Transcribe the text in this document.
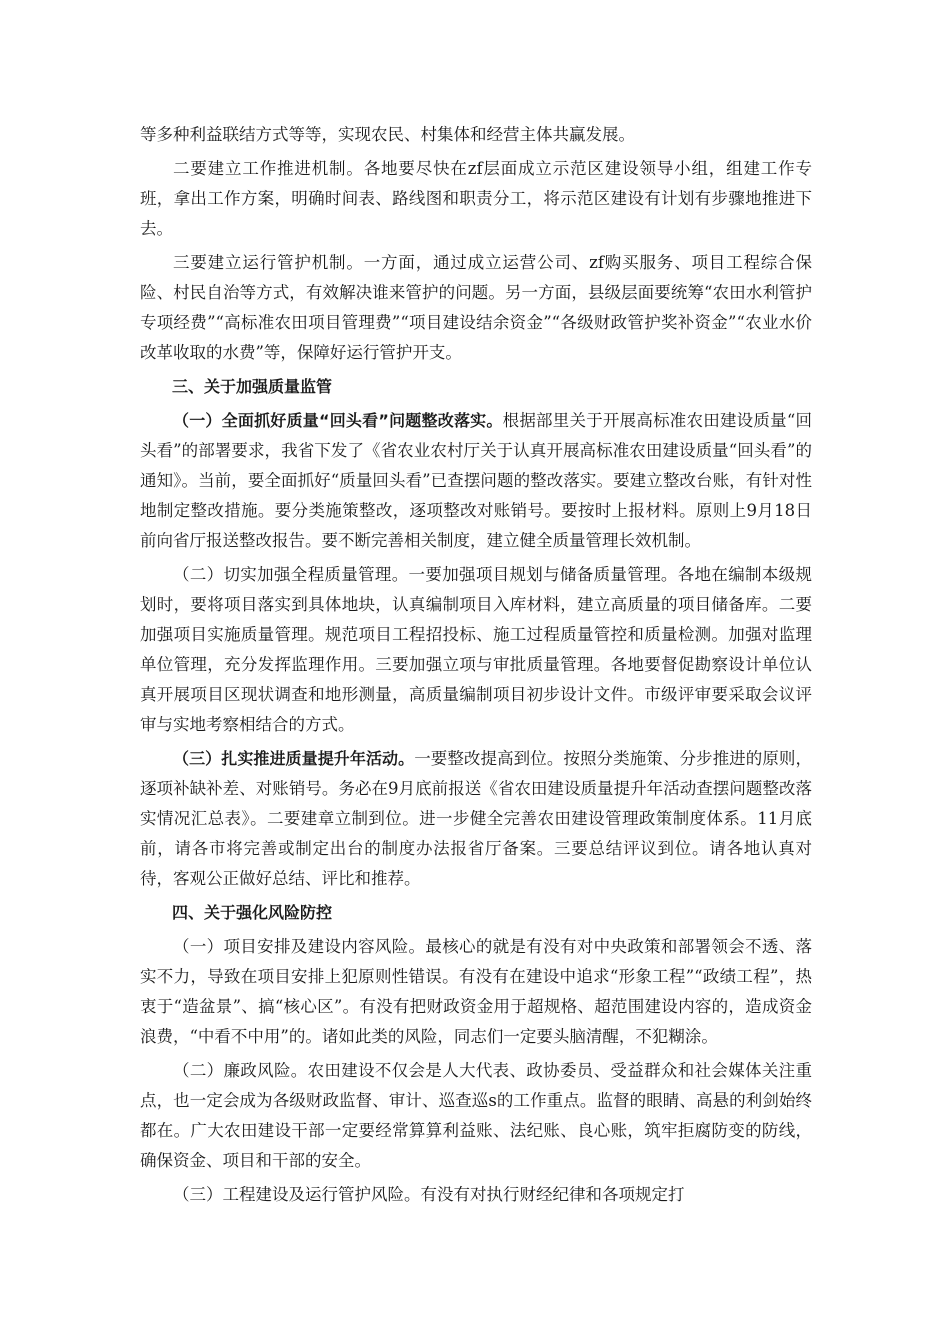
等多种利益联结方式等等，实现农民、村集体和经营主体共赢发展。

二要建立工作推进机制。各地要尽快在zf层面成立示范区建设领导小组，组建工作专班，拿出工作方案，明确时间表、路线图和职责分工，将示范区建设有计划有步骤地推进下去。

三要建立运行管护机制。一方面，通过成立运营公司、zf购买服务、项目工程综合保险、村民自治等方式，有效解决谁来管护的问题。另一方面，县级层面要统筹“农田水利管护专项经费”“高标准农田项目管理费”“项目建设结余资金”“各级财政管护奖补资金”“农业水价改革收取的水费”等，保障好运行管护开支。

三、关于加强质量监管

（一）全面抓好质量“回头看”问题整改落实。根据部里关于开展高标准农田建设质量“回头看”的部署要求，我省下发了《省农业农村厅关于认真开展高标准农田建设质量“回头看”的通知》。当前，要全面抓好“质量回头看”已查摆问题的整改落实。要建立整改台账，有针对性地制定整改措施。要分类施策整改，逐项整改对账销号。要按时上报材料。原则上9月18日前向省厅报送整改报告。要不断完善相关制度，建立健全质量管理长效机制。

（二）切实加强全程质量管理。一要加强项目规划与储备质量管理。各地在编制本级规划时，要将项目落实到具体地块，认真编制项目入库材料，建立高质量的项目储备库。二要加强项目实施质量管理。规范项目工程招投标、施工过程质量管控和质量检测。加强对监理单位管理，充分发挥监理作用。三要加强立项与审批质量管理。各地要督促勘察设计单位认真开展项目区现状调查和地形测量，高质量编制项目初步设计文件。市级评审要采取会议评审与实地考察相结合的方式。

（三）扎实推进质量提升年活动。一要整改提高到位。按照分类施策、分步推进的原则，逐项补缺补差、对账销号。务必在9月底前报送《省农田建设质量提升年活动查摆问题整改落实情况汇总表》。二要建章立制到位。进一步健全完善农田建设管理政策制度体系。11月底前，请各市将完善或制定出台的制度办法报省厅备案。三要总结评议到位。请各地认真对待，客观公正做好总结、评比和推荐。

四、关于强化风险防控

（一）项目安排及建设内容风险。最核心的就是有没有对中央政策和部署领会不透、落实不力，导致在项目安排上犯原则性错误。有没有在建设中追求“形象工程”“政绩工程”，热衷于“造盆景”、搞“核心区”。有没有把财政资金用于超规格、超范围建设内容的，造成资金浪费，“中看不中用”的。诸如此类的风险，同志们一定要头脑清醒，不犯糊涂。

（二）廉政风险。农田建设不仅会是人大代表、政协委员、受益群众和社会媒体关注重点，也一定会成为各级财政监督、审计、巡查巡s的工作重点。监督的眼睛、高悬的利剑始终都在。广大农田建设干部一定要经常算算利益账、法纪账、良心账，筑牢拒腐防变的防线，确保资金、项目和干部的安全。

（三）工程建设及运行管护风险。有没有对执行财经纪律和各项规定打
